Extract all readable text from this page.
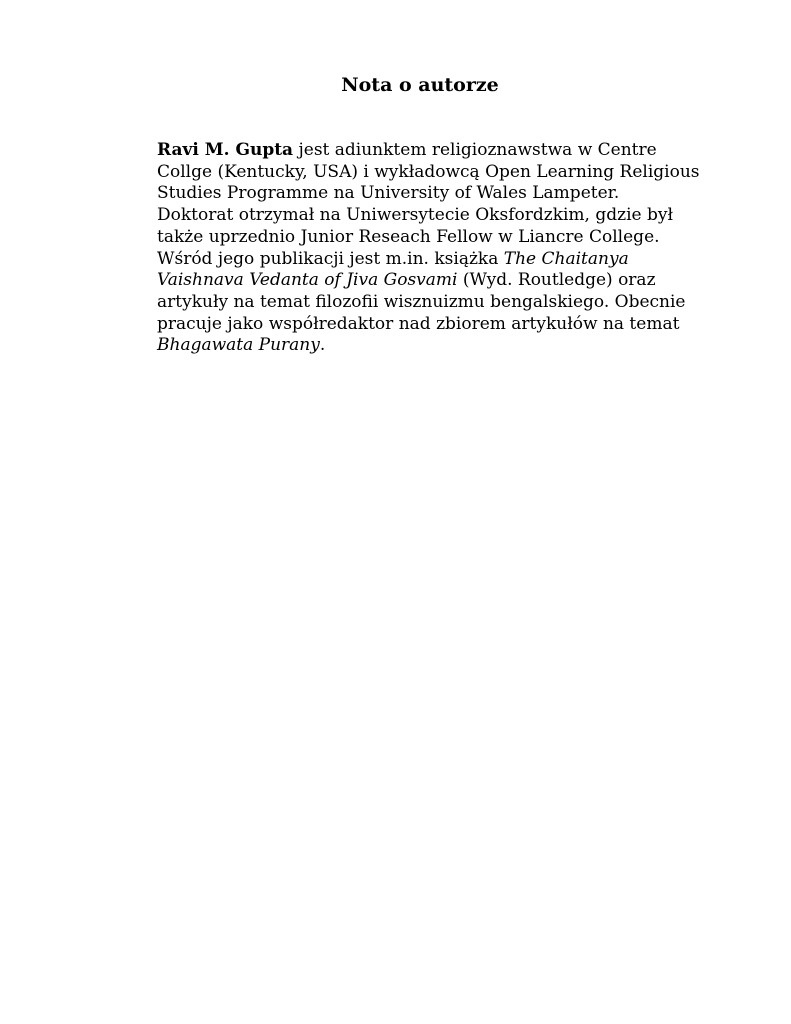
Nota o autorze
Ravi M. Gupta jest adiunktem religioznawstwa w Centre
Collge (Kentucky, USA) i wykładowcą Open Learning Religious
Studies Programme na University of Wales Lampeter.
Doktorat otrzymał na Uniwersytecie Oksfordzkim, gdzie był
także uprzednio Junior Reseach Fellow w Liancre College.
Wśród jego publikacji jest m.in. książka The Chaitanya
Vaishnava Vedanta of Jiva Gosvami (Wyd. Routledge) oraz
artykuły na temat filozofii wisznuizmu bengalskiego. Obecnie
pracuje jako współredaktor nad zbiorem artykułów na temat
Bhagawata Purany.
